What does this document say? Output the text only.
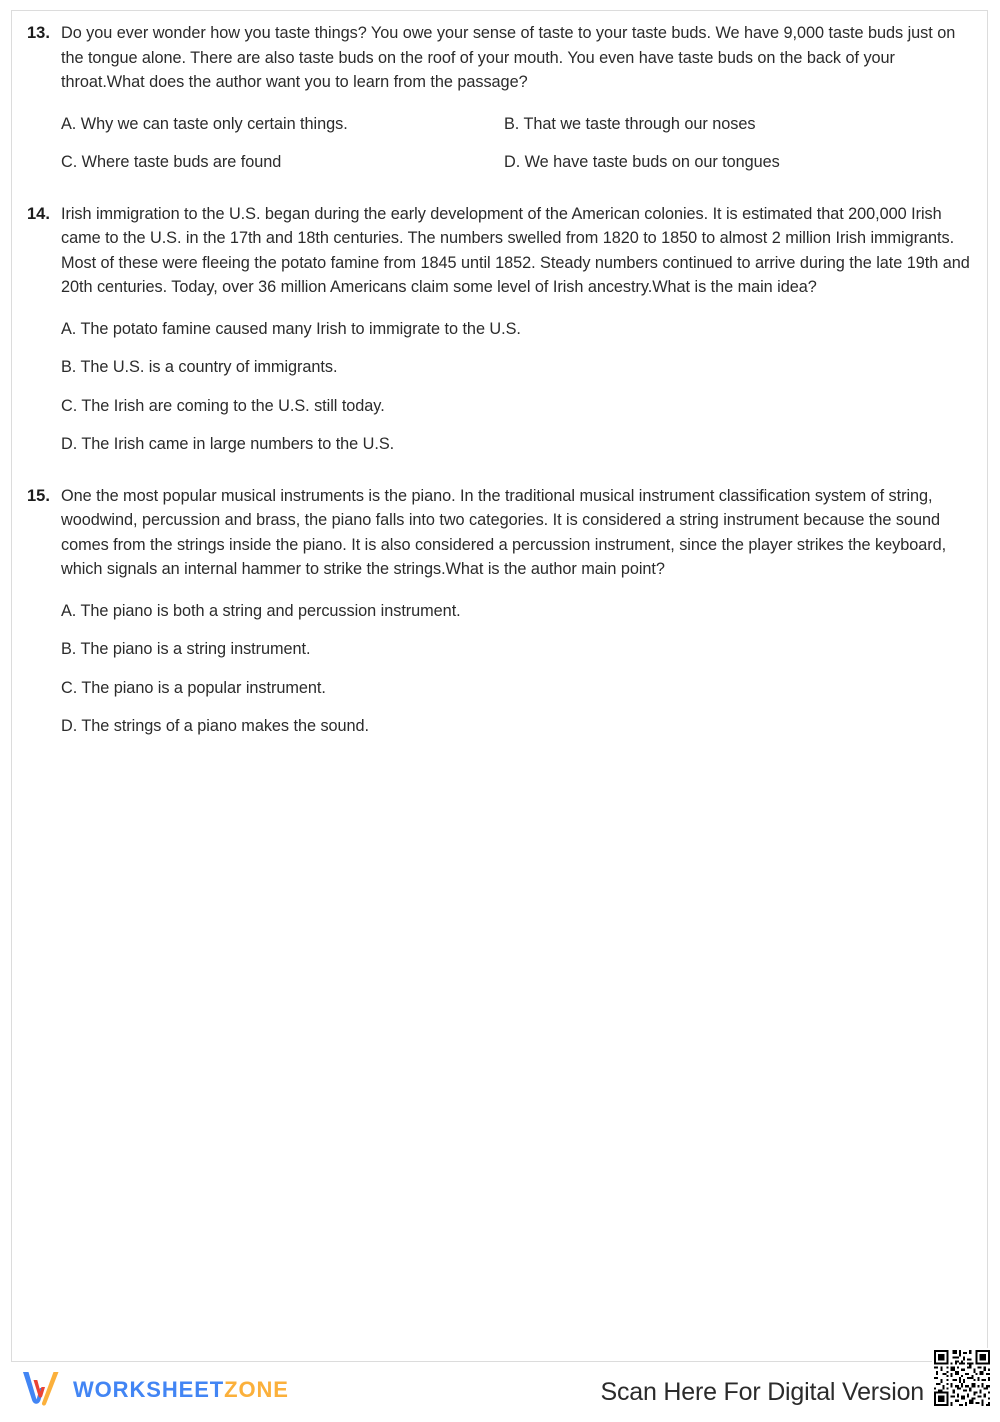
13. Do you ever wonder how you taste things? You owe your sense of taste to your taste buds. We have 9,000 taste buds just on the tongue alone. There are also taste buds on the roof of your mouth. You even have taste buds on the back of your throat.What does the author want you to learn from the passage?
A. Why we can taste only certain things.	B. That we taste through our noses
C. Where taste buds are found	D. We have taste buds on our tongues
14. Irish immigration to the U.S. began during the early development of the American colonies. It is estimated that 200,000 Irish came to the U.S. in the 17th and 18th centuries. The numbers swelled from 1820 to 1850 to almost 2 million Irish immigrants. Most of these were fleeing the potato famine from 1845 until 1852. Steady numbers continued to arrive during the late 19th and 20th centuries. Today, over 36 million Americans claim some level of Irish ancestry.What is the main idea?
A. The potato famine caused many Irish to immigrate to the U.S.
B. The U.S. is a country of immigrants.
C. The Irish are coming to the U.S. still today.
D. The Irish came in large numbers to the U.S.
15. One the most popular musical instruments is the piano. In the traditional musical instrument classification system of string, woodwind, percussion and brass, the piano falls into two categories. It is considered a string instrument because the sound comes from the strings inside the piano. It is also considered a percussion instrument, since the player strikes the keyboard, which signals an internal hammer to strike the strings.What is the author main point?
A. The piano is both a string and percussion instrument.
B. The piano is a string instrument.
C. The piano is a popular instrument.
D. The strings of a piano makes the sound.
WORKSHEETZONE	Scan Here For Digital Version
